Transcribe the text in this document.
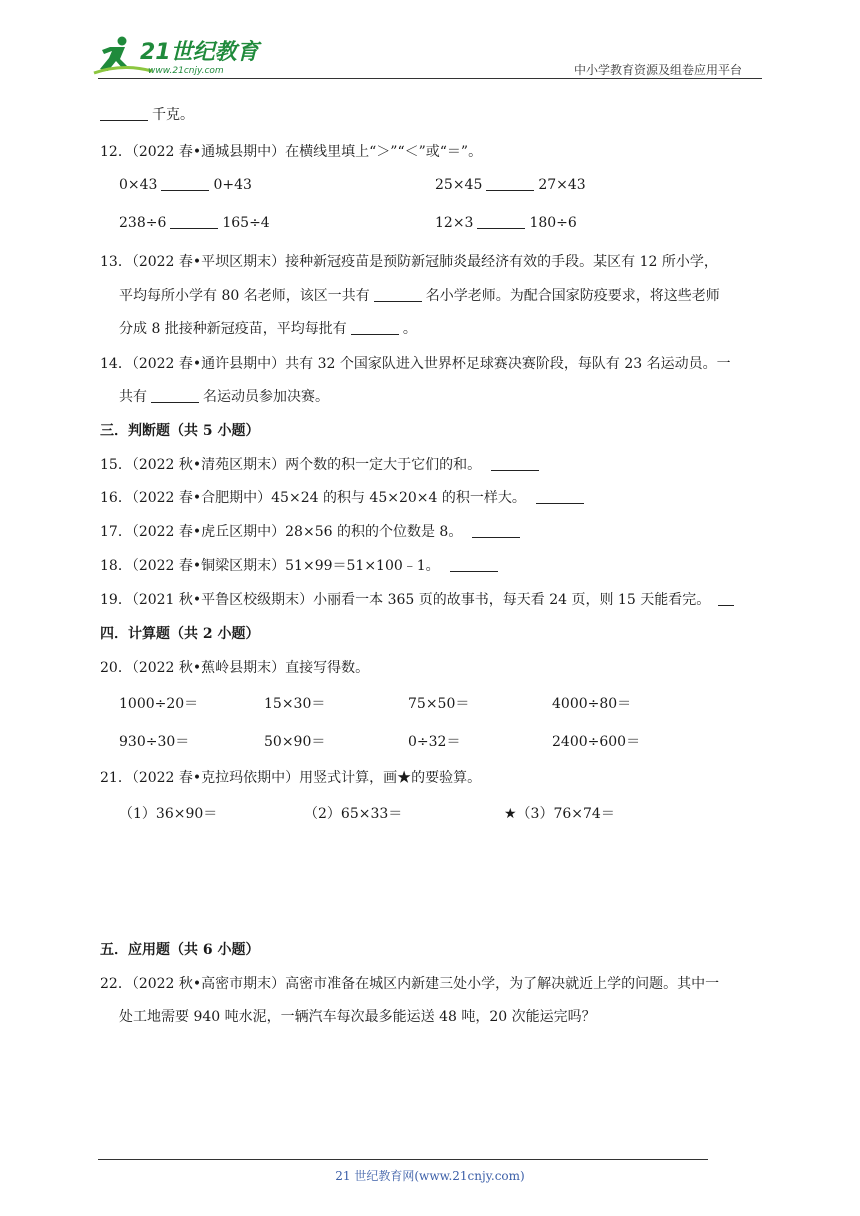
21世纪教育
www.21cnjy.com	中小学教育资源及组卷应用平台
千克。
12．（2022 春•通城县期中）在横线里填上“＞”“＜”或“＝”。
0×43	0+43	25×45	27×43
238÷6	165÷4	12×3	180÷6
13．（2022 春•平坝区期末）接种新冠疫苗是预防新冠肺炎最经济有效的手段。某区有 12 所小学，
平均每所小学有 80 名老师，该区一共有	名小学老师。为配合国家防疫要求，将这些老师
分成 8 批接种新冠疫苗，平均每批有	。
14．（2022 春•通许县期中）共有 32 个国家队进入世界杯足球赛决赛阶段，每队有 23 名运动员。一
共有	名运动员参加决赛。
三．判断题（共 5 小题）
15．（2022 秋•清苑区期末）两个数的积一定大于它们的和。
16．（2022 春•合肥期中）45×24 的积与 45×20×4 的积一样大。
17．（2022 春•虎丘区期中）28×56 的积的个位数是 8。
18．（2022 春•铜梁区期末）51×99＝51×100﹣1。
19．（2021 秋•平鲁区校级期末）小丽看一本 365 页的故事书，每天看 24 页，则 15 天能看完。
四．计算题（共 2 小题）
20．（2022 秋•蕉岭县期末）直接写得数。
1000÷20＝	15×30＝	75×50＝	4000÷80＝
930÷30＝	50×90＝	0÷32＝	2400÷600＝
21．（2022 春•克拉玛依期中）用竖式计算，画★的要验算。
（1）36×90＝	（2）65×33＝	★（3）76×74＝
五．应用题（共 6 小题）
22．（2022 秋•高密市期末）高密市准备在城区内新建三处小学，为了解决就近上学的问题。其中一
处工地需要 940 吨水泥，一辆汽车每次最多能运送 48 吨，20 次能运完吗？
21 世纪教育网(www.21cnjy.com)
